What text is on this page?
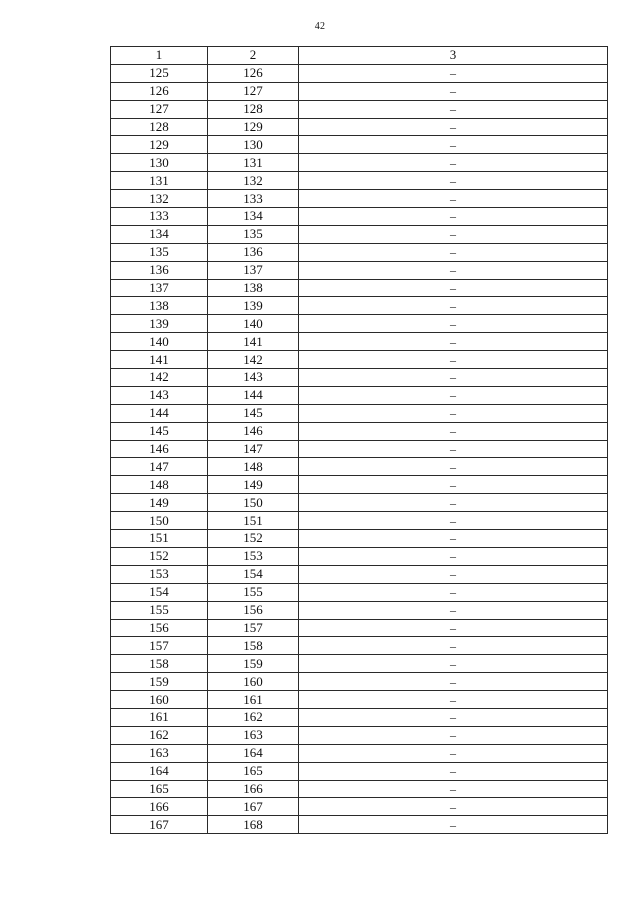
42
1	2	3
125	126	–
126	127	–
127	128	–
128	129	–
129	130	–
130	131	–
131	132	–
132	133	–
133	134	–
134	135	–
135	136	–
136	137	–
137	138	–
138	139	–
139	140	–
140	141	–
141	142	–
142	143	–
143	144	–
144	145	–
145	146	–
146	147	–
147	148	–
148	149	–
149	150	–
150	151	–
151	152	–
152	153	–
153	154	–
154	155	–
155	156	–
156	157	–
157	158	–
158	159	–
159	160	–
160	161	–
161	162	–
162	163	–
163	164	–
164	165	–
165	166	–
166	167	–
167	168	–
